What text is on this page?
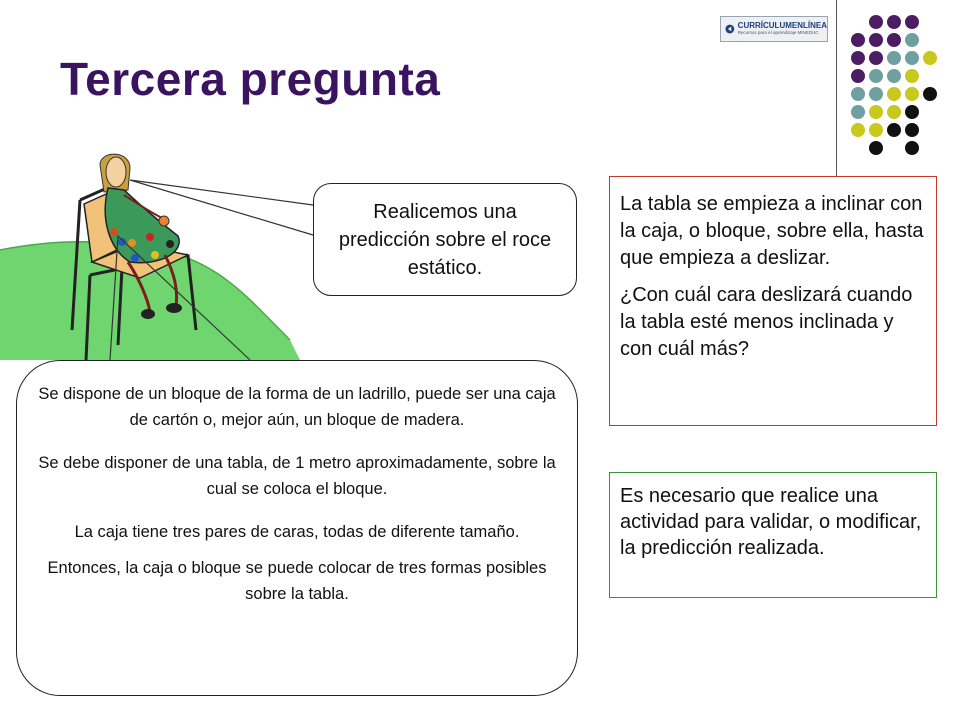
Tercera pregunta
CURRÍCULUMENLÍNEA
Recursos para el aprendizaje MINEDUC
Realicemos una predicción sobre el roce estático.

Se dispone de un bloque de la forma de un ladrillo, puede ser una caja de cartón o, mejor aún, un bloque de madera.

Se debe disponer de una tabla, de 1 metro aproximadamente, sobre la cual se coloca el bloque.

La caja tiene tres pares de caras, todas de diferente tamaño.

Entonces, la caja o bloque se puede colocar de tres formas posibles sobre la tabla.

La tabla se empieza a inclinar con la caja, o bloque, sobre ella, hasta que empieza a deslizar.

¿Con cuál cara deslizará cuando la tabla esté menos inclinada y con cuál más?

Es necesario que realice una actividad para validar, o modificar, la predicción realizada.
